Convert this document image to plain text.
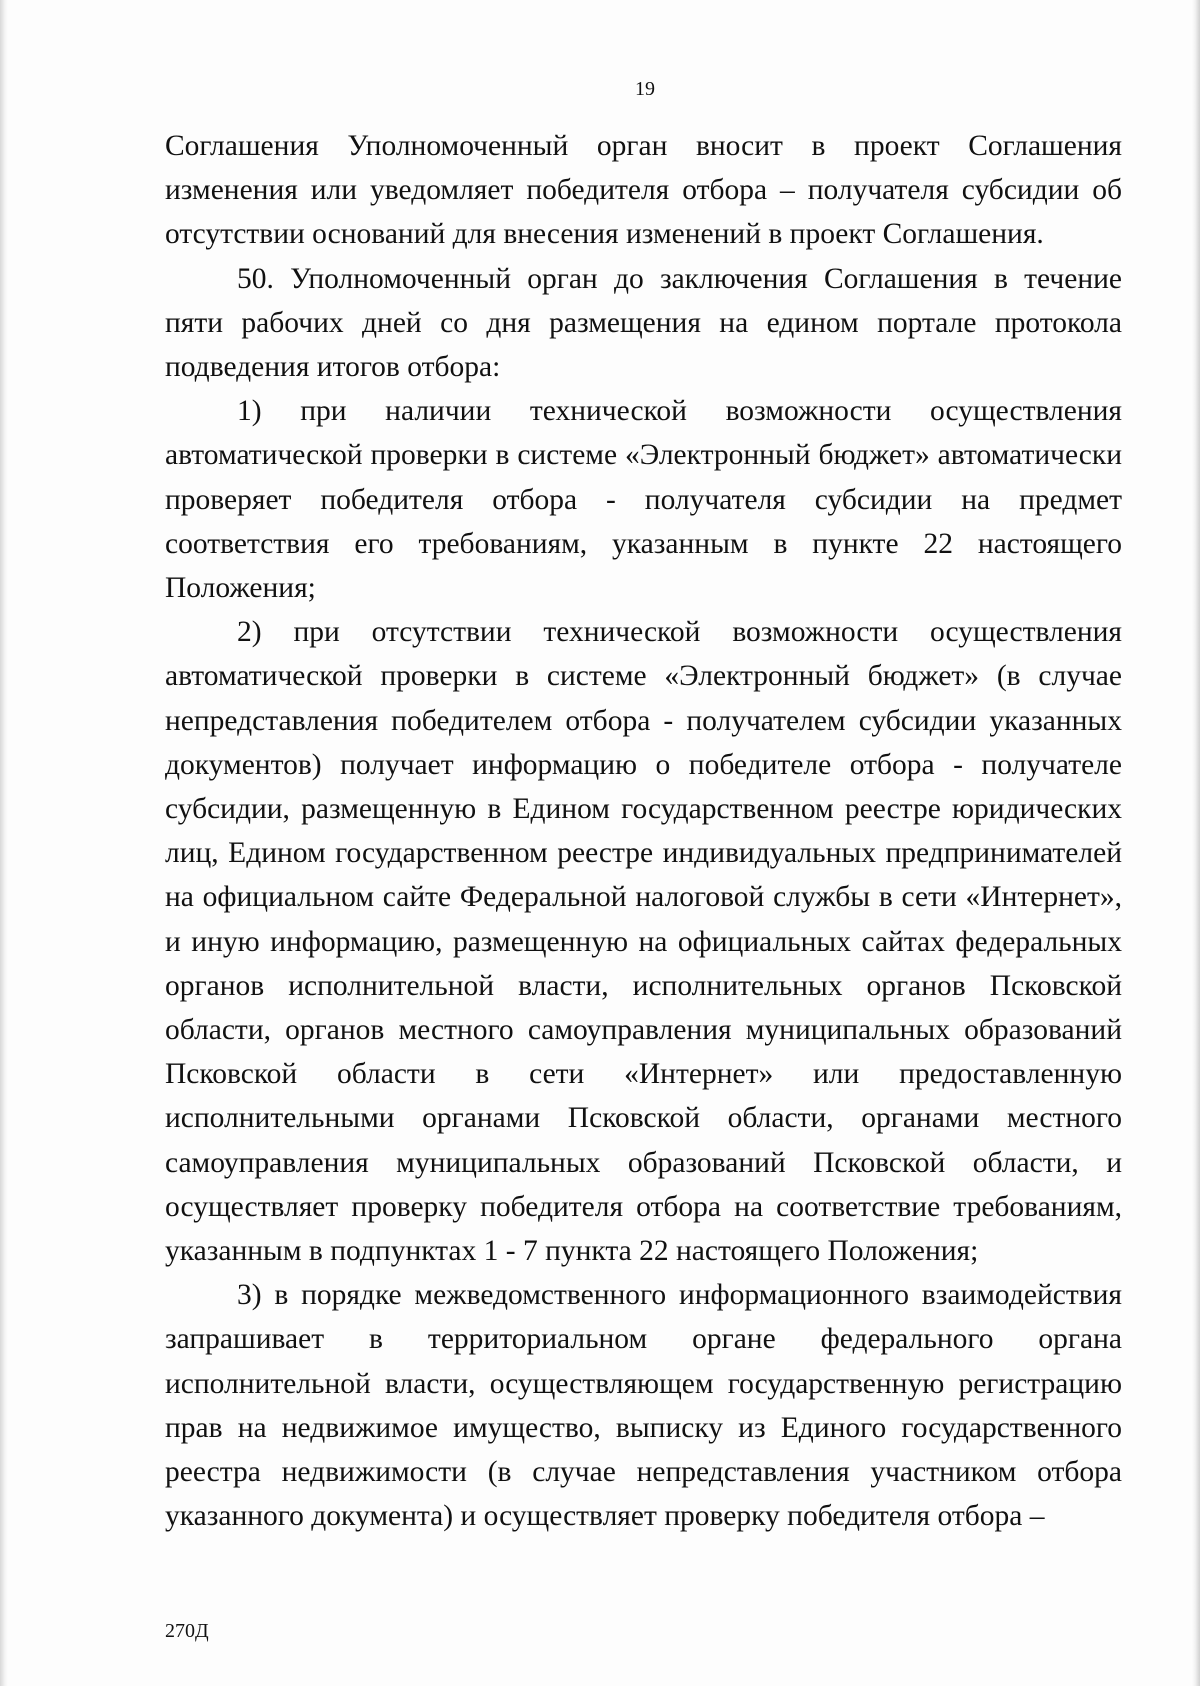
19

Соглашения Уполномоченный орган вносит в проект Соглашения изменения или уведомляет победителя отбора – получателя субсидии об отсутствии оснований для внесения изменений в проект Соглашения.

50. Уполномоченный орган до заключения Соглашения в течение пяти рабочих дней со дня размещения на едином портале протокола подведения итогов отбора:

1) при наличии технической возможности осуществления автоматической проверки в системе «Электронный бюджет» автоматически проверяет победителя отбора - получателя субсидии на предмет соответствия его требованиям, указанным в пункте 22 настоящего Положения;

2) при отсутствии технической возможности осуществления автоматической проверки в системе «Электронный бюджет» (в случае непредставления победителем отбора - получателем субсидии указанных документов) получает информацию о победителе отбора - получателе субсидии, размещенную в Едином государственном реестре юридических лиц, Едином государственном реестре индивидуальных предпринимателей на официальном сайте Федеральной налоговой службы в сети «Интернет», и иную информацию, размещенную на официальных сайтах федеральных органов исполнительной власти, исполнительных органов Псковской области, органов местного самоуправления муниципальных образований Псковской области в сети «Интернет» или предоставленную исполнительными органами Псковской области, органами местного самоуправления муниципальных образований Псковской области, и осуществляет проверку победителя отбора на соответствие требованиям, указанным в подпунктах 1 - 7 пункта 22 настоящего Положения;

3) в порядке межведомственного информационного взаимодействия запрашивает в территориальном органе федерального органа исполнительной власти, осуществляющем государственную регистрацию прав на недвижимое имущество, выписку из Единого государственного реестра недвижимости (в случае непредставления участником отбора указанного документа) и осуществляет проверку победителя отбора –

270Д
